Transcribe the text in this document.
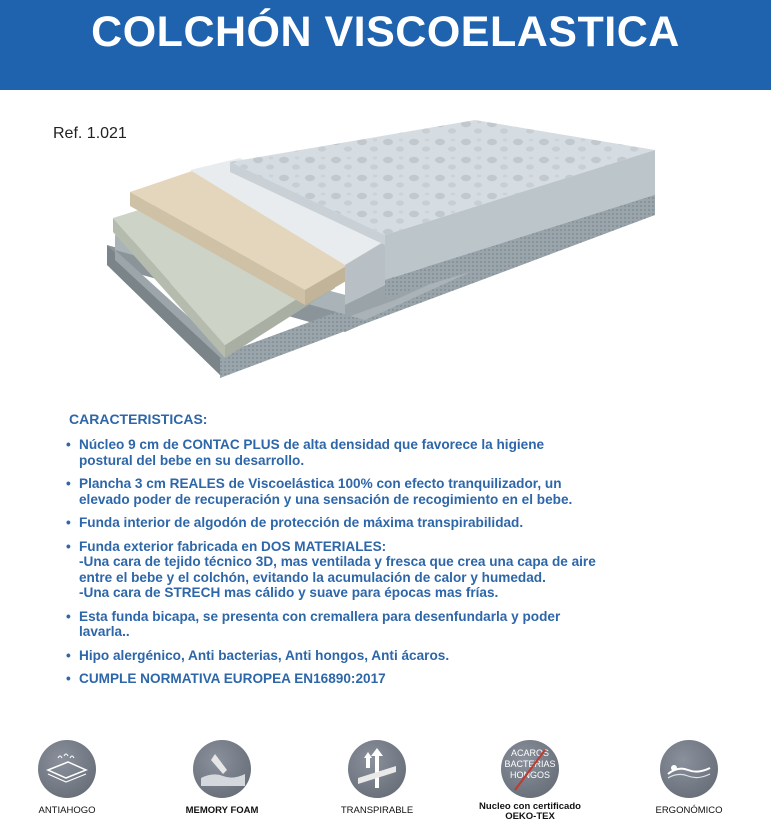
COLCHÓN VISCOELASTICA
Ref. 1.021
CARACTERISTICAS:
• Núcleo 9 cm de CONTAC PLUS de alta densidad que favorece la higiene
postural del bebe en su desarrollo.
• Plancha 3 cm REALES de Viscoelástica 100% con efecto tranquilizador, un
elevado poder de recuperación y una sensación de recogimiento en el bebe.
• Funda interior de algodón de protección de máxima transpirabilidad.
• Funda exterior fabricada en DOS MATERIALES:
-Una cara de tejido técnico 3D, mas ventilada y fresca que crea una capa de aire
entre el bebe y el colchón, evitando la acumulación de calor y humedad.
-Una cara de STRECH mas cálido y suave para épocas mas frías.
• Esta funda bicapa, se presenta con cremallera para desenfundarla y poder
lavarla..
• Hipo alergénico, Anti bacterias, Anti hongos, Anti ácaros.
• CUMPLE NORMATIVA EUROPEA EN16890:2017
ANTIAHOGO	MEMORY FOAM	TRANSPIRABLE
ACAROS
BACTERIAS
HONGOS
Nucleo con certificado
OEKO-TEX
ERGONÓMICO
